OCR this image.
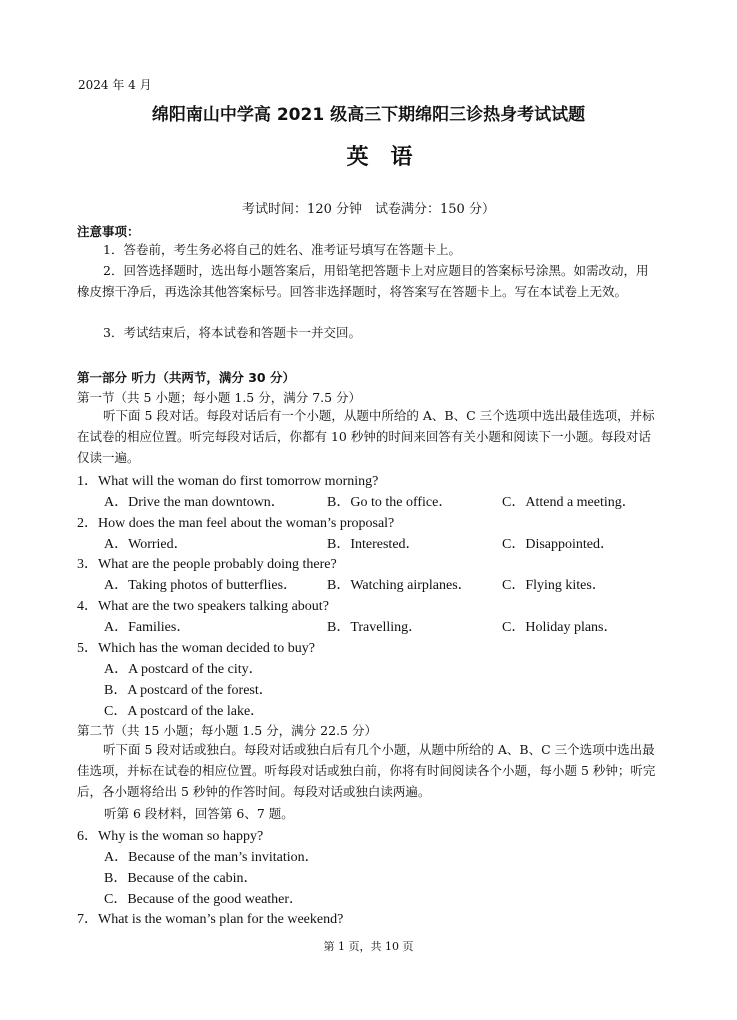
2024 年 4 月
绵阳南山中学高 2021 级高三下期绵阳三诊热身考试试题
英语
考试时间：120 分钟　试卷满分：150 分）
注意事项：
1．答卷前，考生务必将自己的姓名、准考证号填写在答题卡上。
2．回答选择题时，选出每小题答案后，用铅笔把答题卡上对应题目的答案标号涂黑。如需改动，用橡皮擦干净后，再选涂其他答案标号。回答非选择题时，将答案写在答题卡上。写在本试卷上无效。
3．考试结束后，将本试卷和答题卡一并交回。
第一部分 听力（共两节，满分 30 分）
第一节（共 5 小题；每小题 1.5 分，满分 7.5 分）
听下面 5 段对话。每段对话后有一个小题，从题中所给的 A、B、C 三个选项中选出最佳选项，并标在试卷的相应位置。听完每段对话后，你都有 10 秒钟的时间来回答有关小题和阅读下一小题。每段对话仅读一遍。
1．What will the woman do first tomorrow morning?
A．Drive the man downtown．	B．Go to the office．	C．Attend a meeting．
2．How does the man feel about the woman’s proposal?
A．Worried．	B．Interested．	C．Disappointed．
3．What are the people probably doing there?
A．Taking photos of butterflies． B．Watching airplanes． C．Flying kites．
4．What are the two speakers talking about?
A．Families．	B．Travelling．	C．Holiday plans．
5．Which has the woman decided to buy?
A．A postcard of the city．
B．A postcard of the forest．
C．A postcard of the lake．
第二节（共 15 小题；每小题 1.5 分，满分 22.5 分）
听下面 5 段对话或独白。每段对话或独白后有几个小题，从题中所给的 A、B、C 三个选项中选出最佳选项，并标在试卷的相应位置。听每段对话或独白前，你将有时间阅读各个小题，每小题 5 秒钟；听完后，各小题将给出 5 秒钟的作答时间。每段对话或独白读两遍。
听第 6 段材料，回答第 6、7 题。
6．Why is the woman so happy?
A．Because of the man’s invitation．
B．Because of the cabin．
C．Because of the good weather．
7．What is the woman’s plan for the weekend?
第 1 页，共 10 页
